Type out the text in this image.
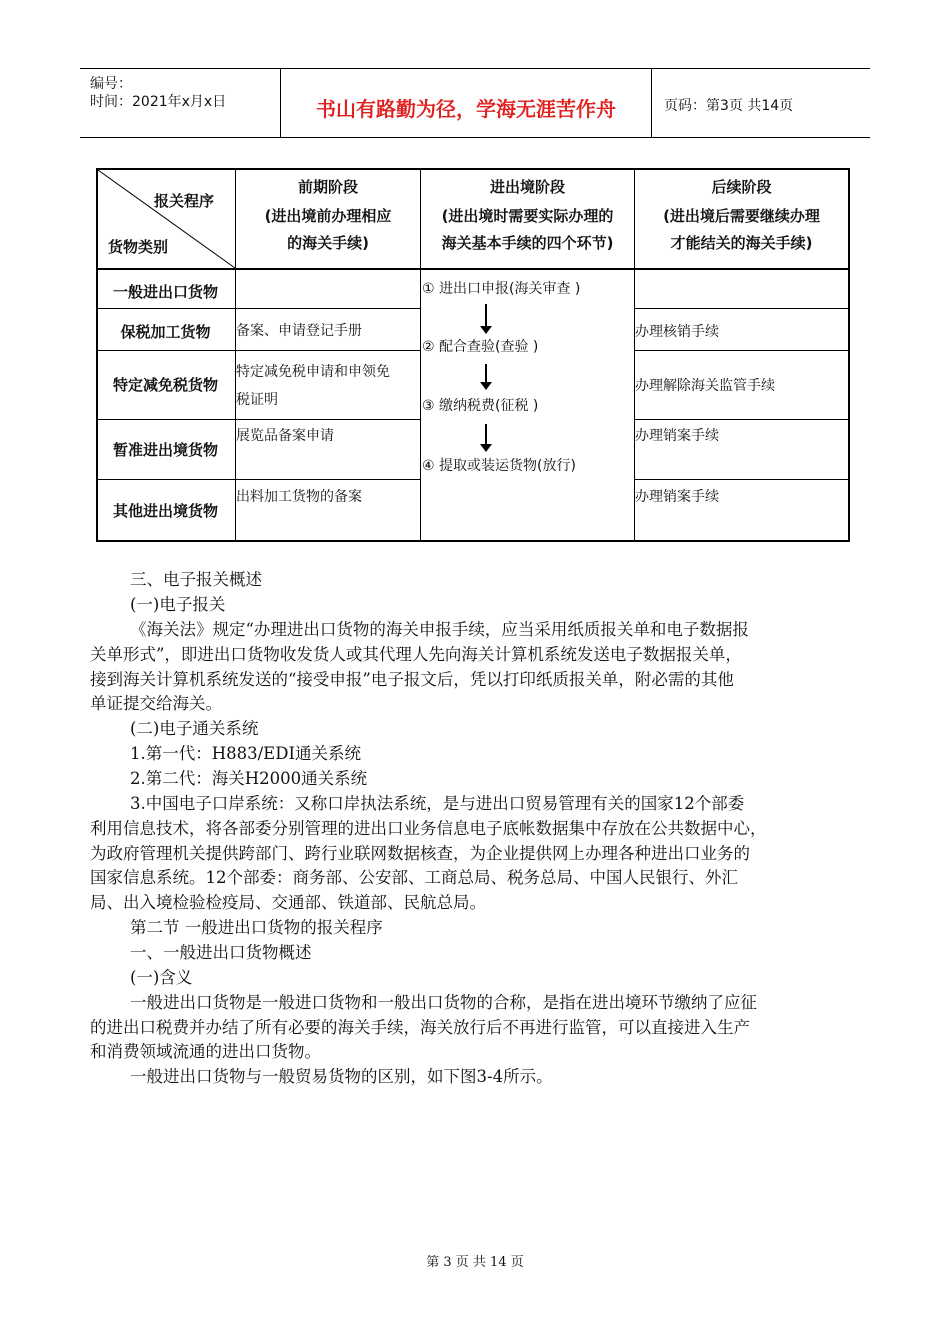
编号：
时间：2021年x月x日	书山有路勤为径，学海无涯苦作舟	页码：第3页 共14页
报关程序
货物类别
前期阶段
(进出境前办理相应
的海关手续)
进出境阶段
(进出境时需要实际办理的
海关基本手续的四个环节)
后续阶段
(进出境后需要继续办理
才能结关的海关手续)
一般进出口货物
保税加工货物
特定减免税货物
暂准进出境货物
其他进出境货物
备案、申请登记手册
特定减免税申请和申领免
税证明
展览品备案申请
出料加工货物的备案
办理核销手续
办理解除海关监管手续
办理销案手续
办理销案手续
① 进出口申报(海关审查 )
② 配合查验(查验 )
③ 缴纳税费(征税 )
④ 提取或装运货物(放行)
三、电子报关概述
(一)电子报关
《海关法》规定“办理进出口货物的海关申报手续，应当采用纸质报关单和电子数据报
关单形式”，即进出口货物收发货人或其代理人先向海关计算机系统发送电子数据报关单，
接到海关计算机系统发送的“接受申报”电子报文后，凭以打印纸质报关单，附必需的其他
单证提交给海关。
(二)电子通关系统
1.第一代：H883/EDI通关系统
2.第二代：海关H2000通关系统
3.中国电子口岸系统：又称口岸执法系统，是与进出口贸易管理有关的国家12个部委
利用信息技术，将各部委分别管理的进出口业务信息电子底帐数据集中存放在公共数据中心，
为政府管理机关提供跨部门、跨行业联网数据核查，为企业提供网上办理各种进出口业务的
国家信息系统。12个部委：商务部、公安部、工商总局、税务总局、中国人民银行、外汇
局、出入境检验检疫局、交通部、铁道部、民航总局。
第二节 一般进出口货物的报关程序
一、一般进出口货物概述
(一)含义
一般进出口货物是一般进口货物和一般出口货物的合称，是指在进出境环节缴纳了应征
的进出口税费并办结了所有必要的海关手续，海关放行后不再进行监管，可以直接进入生产
和消费领域流通的进出口货物。
一般进出口货物与一般贸易货物的区别，如下图3-4所示。
第 3 页 共 14 页
